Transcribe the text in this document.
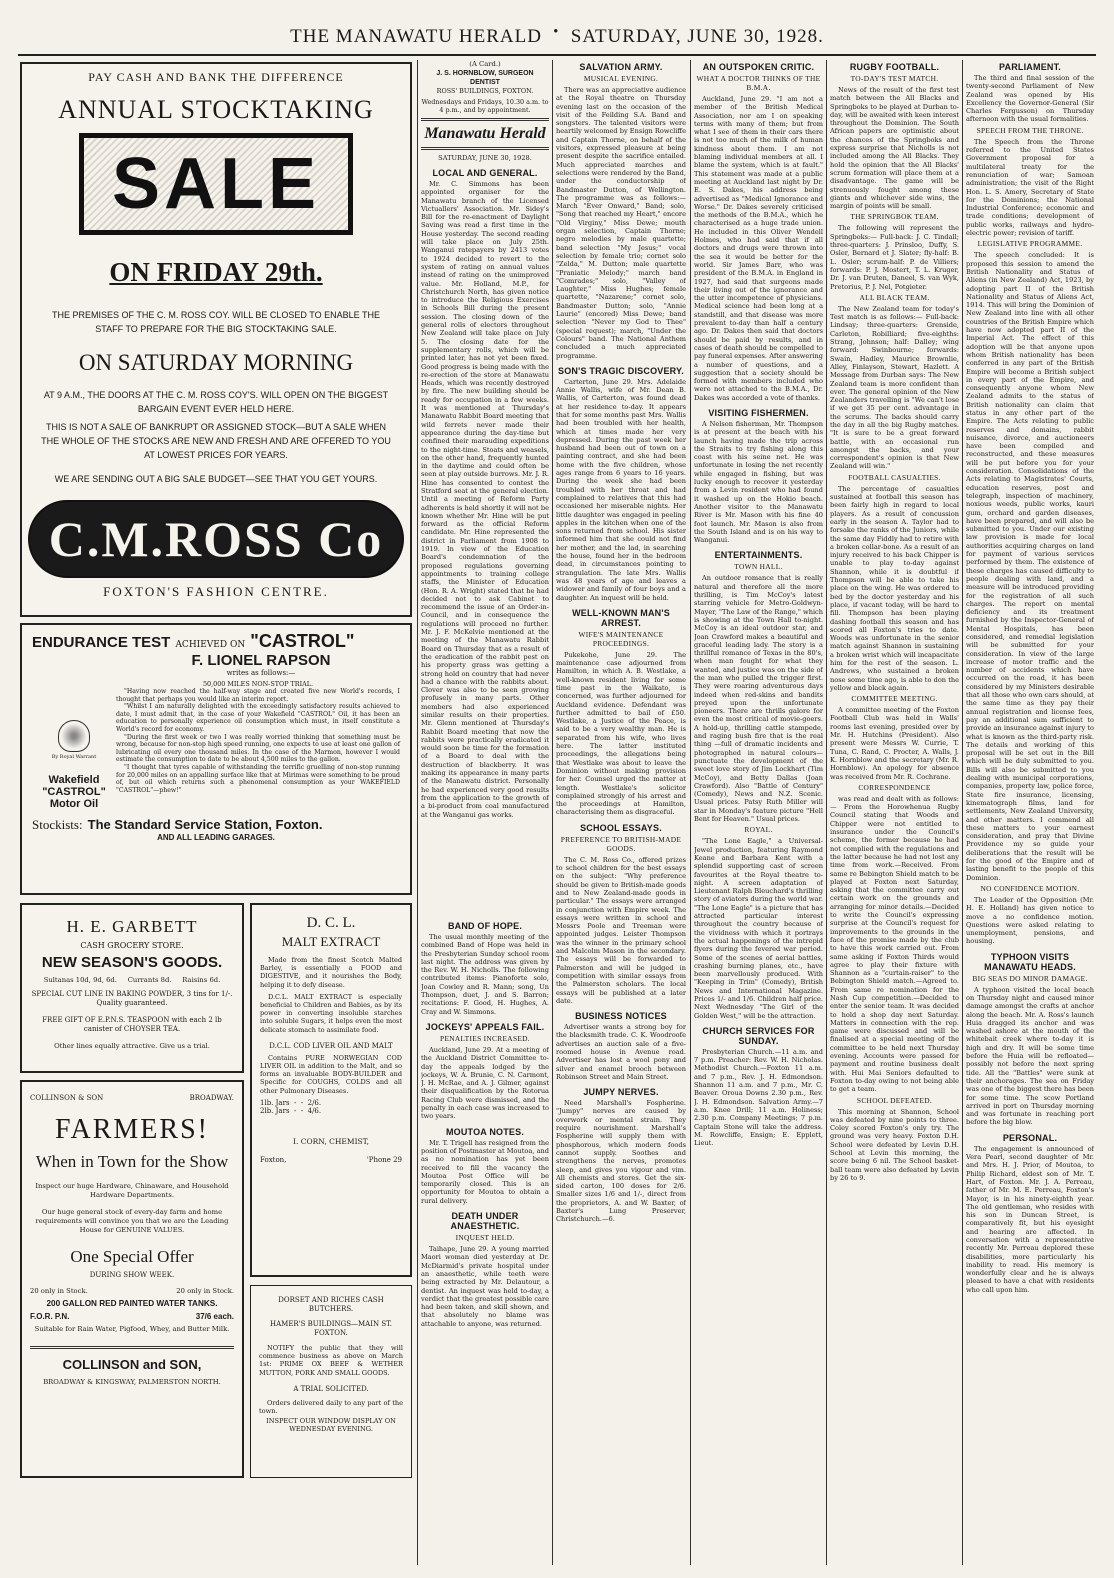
THE MANAWATU HERALD ● SATURDAY, JUNE 30, 1928.
PAY CASH AND BANK THE DIFFERENCE
ANNUAL STOCKTAKING
SALE
ON FRIDAY 29th.
THE PREMISES OF THE C. M. ROSS COY. WILL BE CLOSED TO ENABLE THE STAFF TO PREPARE FOR THE BIG STOCKTAKING SALE.
ON SATURDAY MORNING
AT 9 A.M., THE DOORS AT THE C. M. ROSS COY'S. WILL OPEN ON THE BIGGEST BARGAIN EVENT EVER HELD HERE.
THIS IS NOT A SALE OF BANKRUPT OR ASSIGNED STOCK—BUT A SALE WHEN THE WHOLE OF THE STOCKS ARE NEW AND FRESH AND ARE OFFERED TO YOU AT LOWEST PRICES FOR YEARS.
WE ARE SENDING OUT A BIG SALE BUDGET—SEE THAT YOU GET YOURS.
C.M.ROSS Co
FOXTON'S FASHION CENTRE.
ENDURANCE TEST ACHIEVED ON "CASTROL"
F. LIONEL RAPSON
writes as follows:—
By Royal Warrant
Wakefield
"CASTROL"
Motor Oil
50,000 MILES NON-STOP TRIAL.

"Having now reached the half-way stage and created five new World's records, I thought that perhaps you would like an interim report.

"Whilst I am naturally delighted with the exceedingly satisfactory results achieved to date, I must admit that, in the case of your Wakefield "CASTROL" Oil, it has been an education to personally experience oil consumption which must, in itself constitute a World's record for economy.

"During the first week or two I was really worried thinking that something must be wrong, because for non-stop high speed running, one expects to use at least one gallon of lubricating oil every one thousand miles. In the case of the Marmon, however I would estimate the consumption to date to be about 4,500 miles to the gallon.

"I thought that tyres capable of withstanding the terrific gruelling of non-stop running for 20,000 miles on an appalling surface like that at Mirimas were something to be proud of, but oil which returns such a phenomenal consumption as your WAKEFIELD "CASTROL"—phew!"

Stockists: The Standard Service Station, Foxton.
AND ALL LEADING GARAGES.
H. E. GARBETT
CASH GROCERY STORE.
NEW SEASON'S GOODS.
Sultanas 10d, 9d, 6d.     Currants 8d.     Raisins 6d.
SPECIAL CUT LINE IN BAKING POWDER, 3 tins for 1/-. Quality guaranteed.
FREE GIFT OF E.P.N.S. TEASPOON with each 2 lb canister of CHOYSER TEA.
Other lines equally attractive. Give us a trial.
D. C. L.
MALT EXTRACT

Made from the finest Scotch Malted Barley, is essentially a FOOD and DIGESTIVE, and it nourishes the Body, helping it to defy disease.

D.C.L. MALT EXTRACT is especially beneficial to Children and Babies, as by its power in converting insoluble starches into soluble Sugars, it helps even the most delicate stomach to assimilate food.

D.C.L. COD LIVER OIL AND MALT

Contains PURE NORWEGIAN COD LIVER OIL in addition to the Malt, and so forms an invaluable BODY-BUILDER and Specific for COUGHS, COLDS and all other Pulmonary Diseases.

1lb. Jars  -  -  2/6.
2lb. Jars  -  -  4/6.
I. CORN, CHEMIST,
Foxton,	'Phone 29
COLLINSON & SON	BROADWAY.
FARMERS!
When in Town for the Show
Inspect our huge Hardware, Chinaware, and Household Hardware Departments.
Our huge general stock of every-day farm and home requirements will convince you that we are the Leading House for GENUINE VALUES.
One Special Offer
DURING SHOW WEEK.
20 only in Stock.	20 only in Stock.
200 GALLON RED PAINTED WATER TANKS.
F.O.R. P.N.	37/6 each.
Suitable for Rain Water, Pigfood, Whey, and Butter Milk.
COLLINSON and SON,
BROADWAY & KINGSWAY, PALMERSTON NORTH.
DORSET AND RICHES CASH BUTCHERS.
HAMER'S BUILDINGS—MAIN ST. FOXTON.

NOTIFY the public that they will commence business as above on March 1st: PRIME OX BEEF & WETHER MUTTON, PORK AND SMALL GOODS.

A TRIAL SOLICITED.

Orders delivered daily to any part of the town.

INSPECT OUR WINDOW DISPLAY ON WEDNESDAY EVENING.
(A Card.)
J. S. HORNBLOW, SURGEON DENTIST
ROSS' BUILDINGS, FOXTON.
Wednesdays and Fridays, 10.30 a.m. to 4 p.m., and by appointment.
Manawatu Herald
SATURDAY, JUNE 30, 1928.
LOCAL AND GENERAL.

Mr. C. Simmons has been appointed organiser for the Manawatu branch of the Licensed Victuallers' Association. Mr. Sidey's Bill for the re-enactment of Daylight Saving was read a first time in the House yesterday. The second reading will take place on July 25th. Wanganui ratepayers by 2413 votes to 1924 decided to revert to the system of rating on annual values instead of rating on the unimproved value. Mr. Holland, M.P., for Christchurch North, has given notice to introduce the Religious Exercises in Schools Bill during the present session. The closing down of the general rolls of electors throughout New Zealand will take place on July 5. The closing date for the supplementary rolls, which will be printed later, has not yet been fixed. Good progress is being made with the re-erection of the store at Manawatu Heads, which was recently destroyed by fire. The new building should be ready for occupation in a few weeks. It was mentioned at Thursday's Manawatu Rabbit Board meeting that wild ferrets never made their appearance during the day-time but confined their marauding expeditions to the night-time. Stoats and weasels, on the other hand, frequently hunted in the daytime and could often be seen at play outside burrows. Mr. J. R. Hine has consented to contest the Stratford seat at the general election. Until a meeting of Reform Party adherents is held shortly it will not be known whether Mr. Hine will be put forward as the official Reform candidate. Mr. Hine represented the district in Parliament from 1908 to 1919. In view of the Education Board's condemnation of the proposed regulations governing appointments to training college staffs, the Minister of Education (Hon. R. A. Wright) stated that he had decided not to ask Cabinet to recommend the issue of an Order-in-Council, and in consequence the regulations will proceed no further. Mr. J. F. McKelvie mentioned at the meeting of the Manawatu Rabbit Board on Thursday that as a result of the eradication of the rabbit pest on his property grass was getting a strong hold on country that had never had a chance with the rabbits about. Clover was also to be seen growing profusely in many parts. Other members had also experienced similar results on their properties. Mr. Glenn mentioned at Thursday's Rabbit Board meeting that now the rabbits were practically eradicated it would soon be time for the formation of a Board to deal with the destruction of blackberry. It was making its appearance in many parts of the Manawatu district. Personally he had experienced very good results from the application to the growth of a bi-product from coal manufactured at the Wanganui gas works.

BAND OF HOPE.

The usual monthly meeting of the combined Band of Hope was held in the Presbyterian Sunday school room last night. The address was given by the Rev. W. H. Nicholls. The following contributed items: Pianoforte solo, Joan Cowley and R. Mann; song, Un Thompson, duet, J. and S. Barron; recitations: F. Good, H. Hughes, A. Cray and W. Simmons.

JOCKEYS' APPEALS FAIL.
PENALTIES INCREASED.

Auckland, June 29. At a meeting of the Auckland District Committee to-day the appeals lodged by the jockeys, W. A. Brunie, C. N. Carmont, J. H. McRae, and A. J. Gilmer, against their disqualification by the Rotorua Racing Club were dismissed, and the penalty in each case was increased to two years.

MOUTOA NOTES.

Mr. T. Trigell has resigned from the position of Postmaster at Moutoa, and as no nomination has yet been received to fill the vacancy the Moutoa Post Office will be temporarily closed. This is an opportunity for Moutoa to obtain a rural delivery.

DEATH UNDER ANAESTHETIC.
INQUEST HELD.

Taihape, June 29. A young married Maori woman died yesterday at Dr. McDiarmid's private hospital under an anaesthetic, while teeth were being extracted by Mr. Delautour, a dentist. An inquest was held to-day, a verdict that the greatest possible care had been taken, and skill shown, and that absolutely no blame was attachable to anyone, was returned.

SALVATION ARMY.
MUSICAL EVENING.

There was an appreciative audience at the Royal theatre on Thursday evening last on the occasion of the visit of the Feilding S.A. Band and songsters. The talented visitors were heartily welcomed by Ensign Rowcliffe and Captain Thorne, on behalf of the visitors, expressed pleasure at being present despite the sacrifice entailed. Much appreciated marches and selections were rendered by the Band, under the conductorship of Bandmaster Dutton, of Wellington. The programme was as follows:— March "Ever Onward," Band; solo, "Song that reached my Heart," encore "Old Virginy," Miss Dewe; mouth organ selection, Captain Thorne; negro melodies by male quartette; band selection "My Jesus;" vocal selection by female trio; cornet solo "Zelda," M. Dutton; male quartette "Praniatic Melody;" march band "Comrades;" solo, "Valley of Laughter," Miss Hughes; female quartette, "Nazarene;" cornet solo, Bandmaster Dutton; solo, "Annie Laurie" (encored) Miss Dewe; band selection "Never my God to Thee" (special request); march, "Under the Colours" band. The National Anthem concluded a much appreciated programme.

SON'S TRAGIC DISCOVERY.

Carterton, June 29. Mrs. Adelaide Annie Wallis, wife of Mr. Dean B. Wallis, of Carterton, was found dead at her residence to-day. It appears that for some months past Mrs. Wallis had been troubled with her health, which at times made her very depressed. During the past week her husband had been out of town on a painting contract, and she had been home with the five children, whose ages range from 6 years to 16 years. During the week she had been troubled with her throat and had complained to relatives that this had occasioned her miserable nights. Her little daughter was engaged in peeling apples in the kitchen when one of the sons returned from school. His sister informed him that she could not find her mother, and the lad, in searching the house, found her in the bedroom dead, in circumstances pointing to strangulation. The late Mrs. Wallis was 48 years of age and leaves a widower and family of four boys and a daughter. An inquest will be held.

WELL-KNOWN MAN'S ARREST.
WIFE'S MAINTENANCE PROCEEDINGS.

Pukekohe, June 29. The maintenance case adjourned from Hamilton, in which A. B. Westlake, a well-known resident living for some time past in the Waikato, is concerned, was further adjourned for Auckland evidence. Defendant was further admitted to bail of £50. Westlake, a Justice of the Peace, is said to be a very wealthy man. He is separated from his wife, who lives here. The latter instituted proceedings, the allegations being that Westlake was about to leave the Dominion without making provision for her. Counsel urged the matter at length. Westlake's solicitor complained strongly of his arrest and the proceedings at Hamilton, characterising them as disgraceful.

SCHOOL ESSAYS.
PREFERENCE TO BRITISH-MADE GOODS.

The C. M. Ross Co., offered prizes to school children for the best essays on the subject: "Why preference should be given to British-made goods and to New Zealand-made goods in particular." The essays were arranged in conjunction with Empire week. The essays were written in school and Messrs Poole and Treeman were appointed judges. Leister Thompson was the winner in the primary school and Malcolm Mason in the secondary. The essays will be forwarded to Palmerston and will be judged in competition with similar essays from the Palmerston scholars. The local essays will be published at a later date.

BUSINESS NOTICES

Advertiser wants a strong boy for the blacksmith trade. C. K. Woodroofe advertises an auction sale of a five-roomed house in Avenue road. Advertiser has lost a wool pony and silver and enamel brooch between Robinson Street and Main Street.

JUMPY NERVES.

Need Marshall's Fospherine. "Jumpy" nerves are caused by overwork or mental strain. They require nourishment. Marshall's Fospherine will supply them with phosphorous, which modern foods cannot supply. Soothes and strengthens the nerves, promotes sleep, and gives you vigour and vim. All chemists and stores. Get the six-sided carton, 100 doses for 2/6. Smaller sizes 1/6 and 1/-, direct from the proprietors, A. and W. Baxter, of Baxter's Lung Preserver, Christchurch.—6.

AN OUTSPOKEN CRITIC.
WHAT A DOCTOR THINKS OF THE B.M.A.

Auckland, June 29. "I am not a member of the British Medical Association, nor am I on speaking terms with many of them; but from what I see of them in their cars there is not too much of the milk of human kindness about them. I am not blaming individual members at all. I blame the system, which is at fault." This statement was made at a public meeting at Auckland last night by Dr. E. S. Dakes, his address being advertised as "Medical Ignorance and Worse." Dr. Dakes severely criticised the methods of the B.M.A., which he characterised as a huge trade union. He included in this Oliver Wendell Holmes, who had said that if all doctors and drugs were thrown into the sea it would be better for the world. Sir James Barr, who was president of the B.M.A. in England in 1927, had said that surgeons made their living out of the ignorance and the utter incompetence of physicians. Medical science had been long at a standstill, and that disease was more prevalent to-day than half a century ago. Dr. Dakes then said that doctors should be paid by results, and in cases of death should be compelled to pay funeral expenses. After answering a number of questions, and a suggestion that a society should be formed with members included who were not attached to the B.M.A., Dr. Dakes was accorded a vote of thanks.

VISITING FISHERMEN.

A Nelson fisherman, Mr. Thompson is at present at the beach with his launch having made the trip across the Straits to try fishing along this coast with his seine net. He was unfortunate in losing the net recently while engaged in fishing, but was lucky enough to recover it yesterday from a Levin resident who had found it washed up on the Hokio beach. Another visitor to the Manawatu River is Mr. Mason with his fine 40 foot launch. Mr. Mason is also from the South Island and is on his way to Wanganui.

ENTERTAINMENTS.
TOWN HALL.

An outdoor romance that is really natural and therefore all the more thrilling, is Tim McCoy's latest starring vehicle for Metro-Goldwyn-Mayer, "The Law of the Range," which is showing at the Town Hall to-night. McCoy is an ideal outdoor star, and Joan Crawford makes a beautiful and graceful leading lady. The story is a thrillful romance of Texas in the 80's, when man fought for what they wanted, and justice was on the side of the man who pulled the trigger first. They were roaring adventurous days indeed when red-skins and bandits preyed upon the unfortunate pioneers. There are thrills galore for even the most critical of movie-goers. A hold-up, thrilling cattle stampede, and raging bush fire that is the real thing —full of dramatic incidents and photographed in natural colours—punctuate the development of the sweet love story of Jim Lockhart (Tim McCoy), and Betty Dallas (Joan Crawford). Also "Battle of Century" (Comedy), News and N.Z. Scenic. Usual prices. Patsy Ruth Miller will star in Monday's feature picture "Hell Bent for Heaven." Usual prices.

ROYAL.

"The Lone Eagle," a Universal-Jewel production, featuring Raymond Keane and Barbara Kent with a splendid supporting cast of screen favourites at the Royal theatre to-night. A screen adaptation of Lieutenant Ralph Bleuchard's thrilling story of aviators during the world war. "The Lone Eagle" is a picture that has attracted particular interest throughout the country because of the vividness with which it portrays the actual happenings of the intrepid flyers during the fevered war period. Some of the scenes of aerial battles, crashing burning planes, etc., have been marvellously produced. With "Keeping in Trim" (Comedy), British News and International Magazine. Prices 1/- and 1/6. Children half price. Next Wednesday "The Girl of the Golden West," will be the attraction.

CHURCH SERVICES FOR SUNDAY.

Presbyterian Church.—11 a.m. and 7 p.m. Preacher: Rev. W. H. Nicholas. Methodist Church.—Foxton 11 a.m. and 7 p.m., Rev. J. H. Edmondson. Shannon 11 a.m. and 7 p.m., Mr. C. Beaver. Oroua Downs 2.30 p.m., Rev. J. H. Edmondson. Salvation Army.—7 a.m. Knee Drill; 11 a.m. Holiness; 2.30 p.m. Company Meetings; 7 p.m. Captain Stone will take the address. M. Rowcliffe, Ensign; E. Epplett, Lieut.

RUGBY FOOTBALL.
TO-DAY'S TEST MATCH.

News of the result of the first test match between the All Blacks and Springboks to be played at Durban to-day, will be awaited with keen interest throughout the Dominion. The South African papers are optimistic about the chances of the Springboks and express surprise that Nicholls is not included among the All Blacks. They hold the opinion that the All Blacks' scrum formation will place them at a disadvantage. The game will be strenuously fought among these giants and whichever side wins, the margin of points will be small.

THE SPRINGBOK TEAM.

The following will represent the Springboks:— Full-back: J. C. Tindall; three-quarters: J. Prinsloo, Duffy, S. Osler, Bernard et J. Slater; fly-half: B. L. Osler; scrum-half: P. de Villiers; forwards: P. J. Mostert, T. L. Kruger, Dr. J. van Druten, Daneel, S. van Wyk, Pretorius, P. J. Nel, Potgieter.

ALL BLACK TEAM.

The New Zealand team for today's Test match is as follows:— Full-back: Lindsay; three-quarters: Grenside, Carleton, Robilliard; five-eighths: Strang, Johnson; half: Dalley; wing forward: Swinbourne; forwards: Swain, Hadley, Maurice Brownlie, Alley, Finlayson, Stewart, Hazlett. A Message from Durban says: The New Zealand team is more confident than ever. The general opinion of the New Zealanders travelling is "We can't lose if we get 35 per cent. advantage in the scrums. The backs should carry the day in all the big Rugby matches. "It is sure to be a great forward battle, with an occasional run amongst the backs, and your correspondent's opinion is that New Zealand will win."

FOOTBALL CASUALTIES.

The percentage of casualties sustained at football this season has been fairly high in regard to local players. As a result of concussion early in the season A. Taylor had to forsake the ranks of the Juniors, while the same day Fiddly had to retire with a broken collar-bone. As a result of an injury received to his back Chipper is unable to play to-day against Shannon, while it is doubtful if Thompson will be able to take his place on the wing. He was ordered to bed by the doctor yesterday and his place, if vacant today, will be hard to fill. Thompson has been playing dashing football this season and has scored all Foxton's tries to date. Woods was unfortunate in the senior match against Shannon in sustaining a broken wrist which will incapacitate him for the rest of the season. L. Andrews, who sustained a broken nose some time ago, is able to don the yellow and black again.

COMMITTEE MEETING.

A committee meeting of the Foxton Football Club was held in Walls' rooms last evening, presided over by Mr. H. Hutchins (President). Also present were Messrs W. Currie, T. Tuna, C. Rand, C. Procter, A. Walls, J. K. Hornblow and the secretary (Mr. R. Hornblow). An apology for absence was received from Mr. R. Cochrane.

CORRESPONDENCE

was read and dealt with as follows:— From the Horowhenua Rugby Council stating that Woods and Chipper were not entitled to insurance under the Council's scheme, the former because he had not complied with the regulations and the latter because he had not lost any time from work.—Received. From same re Bebington Shield match to be played at Foxton next Saturday, asking that the committee carry out certain work on the grounds and arranging for minor details.—Decided to write the Council's expressing surprise at the Council's request for improvements to the grounds in the face of the promise made by the club to have this work carried out. From same asking if Foxton Thirds would agree to play their fixture with Shannon as a "curtain-raiser" to the Bebington Shield match.—Agreed to. From same re nomination for the Nash Cup competition.—Decided to enter the senior team. It was decided to hold a shop day next Saturday. Matters in connection with the rep. game were discussed and will be finalised at a special meeting of the committee to be held next Thursday evening. Accounts were passed for payment and routine business dealt with. Hui Mai Seniors defaulted to Foxton to-day owing to not being able to get a team.

SCHOOL DEFEATED.

This morning at Shannon, School was defeated by nine points to three. Coley scored Foxton's only try. The ground was very heavy. Foxton D.H. School were defeated by Levin D.H. School at Levin this morning, the score being 6 nil. The School basket-ball team were also defeated by Levin by 26 to 9.

PARLIAMENT.

The third and final session of the twenty-second Parliament of New Zealand was opened by His Excellency the Governor-General (Sir Charles Fergusson) on Thursday afternoon with the usual formalities.

SPEECH FROM THE THRONE.

The Speech from the Throne referred to the United States Government proposal for a multilateral treaty for the renunciation of war; Samoan administration; the visit of the Right Hon. L. S. Amery, Secretary of State for the Dominions; the National Industrial Conference; economic and trade conditions; development of public works, railways and hydro-electric power; revision of tariff.

LEGISLATIVE PROGRAMME.

The speech concluded: It is proposed this session to amend the British Nationality and Status of Aliens (in New Zealand) Act, 1923, by adopting part II of the British Nationality and Status of Aliens Act, 1914. This will bring the Dominion of New Zealand into line with all other countries of the British Empire which have now adopted part II of the Imperial Act. The effect of this adoption will be that anyone upon whom British nationality has been conferred in any part of the British Empire will become a British subject in every part of the Empire, and consequently anyone whom New Zealand admits to the status of British nationality can claim that status in any other part of the Empire. The Acts relating to public reserves and domains, rabbit nuisance, divorce, and auctioneers have been compiled and reconstructed, and these measures will be put before you for your consideration. Consolidations of the Acts relating to Magistrates' Courts, education reserves, post and telegraph, inspection of machinery, noxious weeds, public works, kauri gum, orchard and garden diseases, have been prepared, and will also be submitted to you. Under our existing law provision is made for local authorities acquiring charges on land for payment of various services performed by them. The existence of these charges has caused difficulty to people dealing with land, and a measure will be introduced providing for the registration of all such charges. The report on mental deficiency and its treatment furnished by the Inspector-General of Mental Hospitals, has been considered, and remedial legislation will be submitted for your consideration. In view of the large increase of motor traffic and the number of accidents which have occurred on the road, it has been considered by my Ministers desirable that all those who own cars should, at the same time as they pay their annual registration and license fees, pay an additional sum sufficient to provide an insurance against injury to what is known as the third-party risk. The details and working of this proposal will be set out in the Bill which will be duly submitted to you. Bills will also be submitted to you dealing with municipal corporations, companies, property law, police force, State fire insurance, licensing, kinematograph films, land for settlements, New Zealand University, and other matters. I commend all these matters to your earnest consideration, and pray that Divine Providence my so guide your deliberations that the result will be for the good of the Empire and of lasting benefit to the people of this Dominion.

NO CONFIDENCE MOTION.

The Leader of the Opposition (Mr. H. E. Holland) has given notice to move a no confidence motion. Questions were asked relating to unemployment, pensions, and housing.

TYPHOON VISITS MANAWATU HEADS.
BIG SEAS DO MINOR DAMAGE.

A typhoon visited the local beach on Thursday night and caused minor damage amongst the crafts at anchor along the beach. Mr. A. Ross's launch Huia dragged its anchor and was washed ashore at the mouth of the whitebait creek where to-day it is high and dry. It will be some time before the Huia will be refloated—possibly not before the next spring tide. All the "Battles" were sunk at their anchorages. The sea on Friday was one of the biggest there has been for some time. The scow Portland arrived in port on Thursday morning and was fortunate in reaching port before the big blow.

PERSONAL.

The engagement is announced of Vera Pearl, second daughter of Mr. and Mrs. H. J. Prior, of Moutoa, to Philip Richard, eldest son of Mr. T. Hart, of Foxton. Mr. J. A. Perreau, father of Mr. M. E. Perreau, Foxton's Mayor, is in his ninety-eighth year. The old gentleman, who resides with his son in Duncan Street, is comparatively fit, but his eyesight and hearing are affected. In conversation with a representative recently Mr. Perreau deplored these disabilities, more particularly his inability to read. His memory is wonderfully clear and he is always pleased to have a chat with residents who call upon him.
